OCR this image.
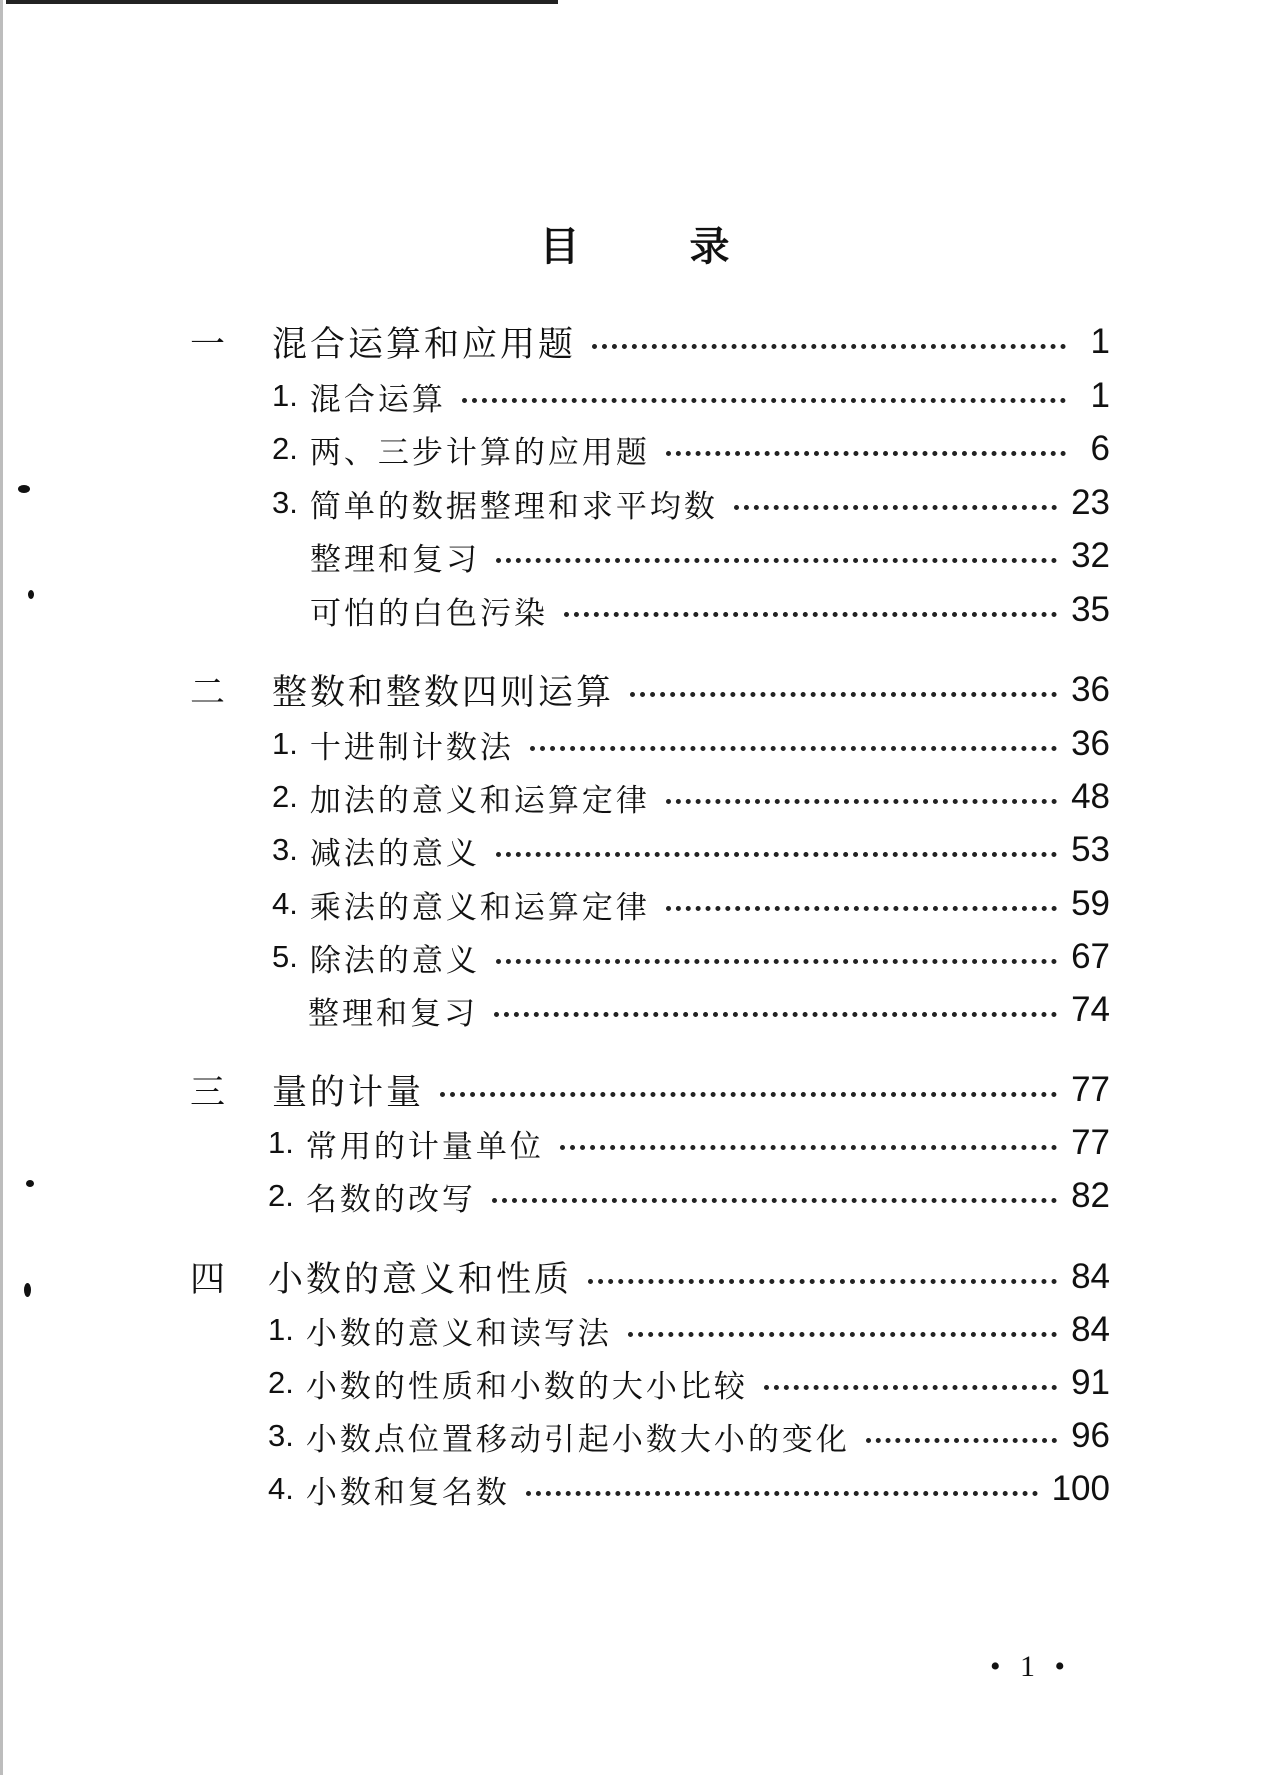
目	录
一 混合运算和应用题	1
1. 混合运算	1
2. 两、三步计算的应用题	6
3. 简单的数据整理和求平均数	23
整理和复习	32
可怕的白色污染	35
二 整数和整数四则运算	36
1. 十进制计数法	36
2. 加法的意义和运算定律	48
3. 减法的意义	53
4. 乘法的意义和运算定律	59
5. 除法的意义	67
整理和复习	74
三 量的计量	77
1. 常用的计量单位	77
2. 名数的改写	82
四 小数的意义和性质	84
1. 小数的意义和读写法	84
2. 小数的性质和小数的大小比较	91
3. 小数点位置移动引起小数大小的变化	96
4. 小数和复名数	100
• 1 •
